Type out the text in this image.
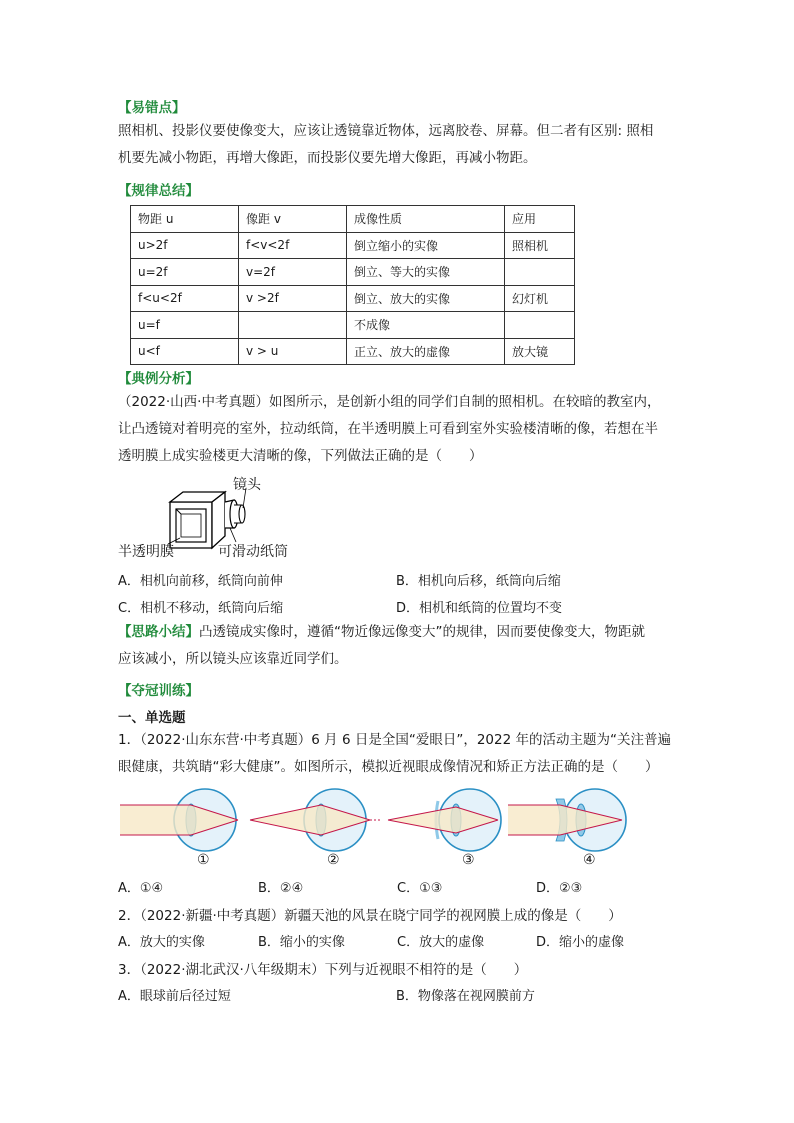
【易错点】
照相机、投影仪要使像变大，应该让透镜靠近物体，远离胶卷、屏幕。但二者有区别: 照相
机要先减小物距，再增大像距，而投影仪要先增大像距，再减小物距。
【规律总结】
物距 u	像距 v	成像性质	应用
u>2f	f<v<2f	倒立缩小的实像	照相机
u=2f	v=2f	倒立、等大的实像	
f<u<2f	v >2f	倒立、放大的实像	幻灯机
u=f		不成像	
u<f	v > u	正立、放大的虚像	放大镜
【典例分析】
（2022·山西·中考真题）如图所示，是创新小组的同学们自制的照相机。在较暗的教室内，
让凸透镜对着明亮的室外，拉动纸筒，在半透明膜上可看到室外实验楼清晰的像，若想在半
透明膜上成实验楼更大清晰的像，下列做法正确的是（　　）
镜头
半透明膜	可滑动纸筒
A．相机向前移，纸筒向前伸	B．相机向后移，纸筒向后缩
C．相机不移动，纸筒向后缩	D．相机和纸筒的位置均不变
【思路小结】凸透镜成实像时，遵循“物近像远像变大”的规律，因而要使像变大，物距就
应该减小，所以镜头应该靠近同学们。
【夺冠训练】
一、单选题
1．（2022·山东东营·中考真题）6 月 6 日是全国“爱眼日”，2022 年的活动主题为“关注普遍
眼健康，共筑睛“彩大健康”。如图所示，模拟近视眼成像情况和矫正方法正确的是（　　）
①	②	③	④
A．①④	B．②④	C．①③	D．②③
2．（2022·新疆·中考真题）新疆天池的风景在晓宁同学的视网膜上成的像是（　　）
A．放大的实像	B．缩小的实像	C．放大的虚像	D．缩小的虚像
3．（2022·湖北武汉·八年级期末）下列与近视眼不相符的是（　　）
A．眼球前后径过短	B．物像落在视网膜前方
